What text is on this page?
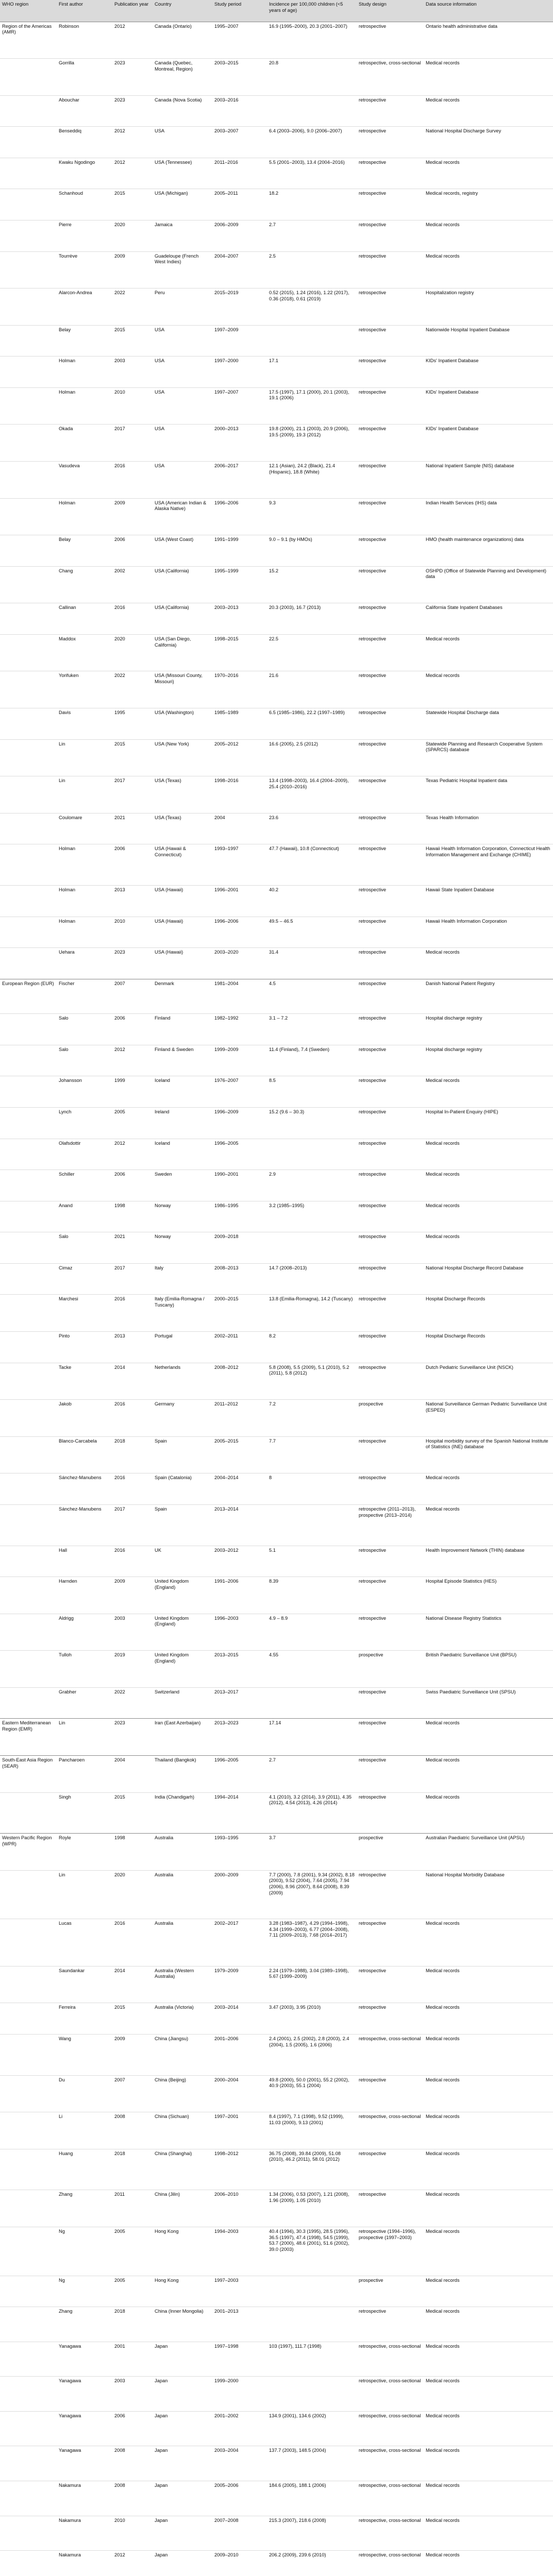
WHO region	First author	Publication year	Country	Study period	Incidence per 100,000 children (<5 years of age)	Study design	Data source information
Region of the Americas (AMR)	Robinson	2012	Canada (Ontario)	1995–2007	16.9 (1995–2000), 20.3 (2001–2007)	retrospective	Ontario health administrative data
	Gorrilla	2023	Canada (Quebec, Montreal, Region)	2003–2015	20.8	retrospective, cross-sectional	Medical records
	Abouchar	2023	Canada (Nova Scotia)	2003–2016		retrospective	Medical records
	Benseddiq	2012	USA	2003–2007	6.4 (2003–2006), 9.0 (2006–2007)	retrospective	National Hospital Discharge Survey
	Kwaku Ngodingo	2012	USA (Tennessee)	2011–2016	5.5 (2001–2003), 13.4 (2004–2016)	retrospective	Medical records
	Schanhoud	2015	USA (Michigan)	2005–2011	18.2	retrospective	Medical records, registry
	Pierre	2020	Jamaica	2006–2009	2.7	retrospective	Medical records
	Tourrève	2009	Guadeloupe (French West Indies)	2004–2007	2.5	retrospective	Medical records
	Alarcon-Andrea	2022	Peru	2015–2019	0.52 (2015), 1.24 (2016), 1.22 (2017), 0.36 (2018), 0.61 (2019)	retrospective	Hospitalization registry
	Belay	2015	USA	1997–2009		retrospective	Nationwide Hospital Inpatient Database
	Holman	2003	USA	1997–2000	17.1	retrospective	KIDs' Inpatient Database
	Holman	2010	USA	1997–2007	17.5 (1997), 17.1 (2000), 20.1 (2003), 19.1 (2006)	retrospective	KIDs' Inpatient Database
	Okada	2017	USA	2000–2013	19.8 (2000), 21.1 (2003), 20.9 (2006), 19.5 (2009), 19.3 (2012)	retrospective	KIDs' Inpatient Database
	Vasudeva	2016	USA	2006–2017	12.1 (Asian), 24.2 (Black), 21.4 (Hispanic), 18.8 (White)	retrospective	National Inpatient Sample (NIS) database
	Holman	2009	USA (American Indian & Alaska Native)	1996–2006	9.3	retrospective	Indian Health Services (IHS) data
	Belay	2006	USA (West Coast)	1991–1999	9.0 – 9.1 (by HMOs)	retrospective	HMO (health maintenance organizations) data
	Chang	2002	USA (California)	1995–1999	15.2	retrospective	OSHPD (Office of Statewide Planning and Development) data
	Callinan	2016	USA (California)	2003–2013	20.3 (2003), 16.7 (2013)	retrospective	California State Inpatient Databases
	Maddox	2020	USA (San Diego, California)	1998–2015	22.5	retrospective	Medical records
	Yorifuken	2022	USA (Missouri County, Missouri)	1970–2016	21.6	retrospective	Medical records
	Davis	1995	USA (Washington)	1985–1989	6.5 (1985–1986), 22.2 (1997–1989)	retrospective	Statewide Hospital Discharge data
	Lin	2015	USA (New York)	2005–2012	16.6 (2005), 2.5 (2012)	retrospective	Statewide Planning and Research Cooperative System (SPARCS) database
	Lin	2017	USA (Texas)	1998–2016	13.4 (1998–2003), 16.4 (2004–2009), 25.4 (2010–2016)	retrospective	Texas Pediatric Hospital Inpatient data
	Coulomare	2021	USA (Texas)	2004	23.6	retrospective	Texas Health Information
	Holman	2006	USA (Hawaii & Connecticut)	1993–1997	47.7 (Hawaii), 10.8 (Connecticut)	retrospective	Hawaii Health Information Corporation, Connecticut Health Information Management and Exchange (CHIME)
	Holman	2013	USA (Hawaii)	1996–2001	40.2	retrospective	Hawaii State Inpatient Database
	Holman	2010	USA (Hawaii)	1996–2006	49.5 – 46.5	retrospective	Hawaii Health Information Corporation
	Uehara	2023	USA (Hawaii)	2003–2020	31.4	retrospective	Medical records
European Region (EUR)	Fischer	2007	Denmark	1981–2004	4.5	retrospective	Danish National Patient Registry
	Salo	2006	Finland	1982–1992	3.1 – 7.2	retrospective	Hospital discharge registry
	Salo	2012	Finland & Sweden	1999–2009	11.4 (Finland), 7.4 (Sweden)	retrospective	Hospital discharge registry
	Johansson	1999	Iceland	1976–2007	8.5	retrospective	Medical records
	Lynch	2005	Ireland	1996–2009	15.2 (9.6 – 30.3)	retrospective	Hospital In-Patient Enquiry (HIPE)
	Olafsdottir	2012	Iceland	1996–2005		retrospective	Medical records
	Schiller	2006	Sweden	1990–2001	2.9	retrospective	Medical records
	Anand	1998	Norway	1986–1995	3.2 (1985–1995)	retrospective	Medical records
	Salo	2021	Norway	2009–2018		retrospective	Medical records
	Cimaz	2017	Italy	2008–2013	14.7 (2008–2013)	retrospective	National Hospital Discharge Record Database
	Marchesi	2016	Italy (Emilia-Romagna / Tuscany)	2000–2015	13.8 (Emilia-Romagna), 14.2 (Tuscany)	retrospective	Hospital Discharge Records
	Pinto	2013	Portugal	2002–2011	8.2	retrospective	Hospital Discharge Records
	Tacke	2014	Netherlands	2008–2012	5.8 (2008), 5.5 (2009), 5.1 (2010), 5.2 (2011), 5.8 (2012)	retrospective	Dutch Pediatric Surveillance Unit (NSCK)
	Jakob	2016	Germany	2011–2012	7.2	prospective	National Surveillance German Pediatric Surveillance Unit (ESPED)
	Blanco-Carcabela	2018	Spain	2005–2015	7.7	retrospective	Hospital morbidity survey of the Spanish National Institute of Statistics (INE) database
	Sánchez-Manubens	2016	Spain (Catalonia)	2004–2014	8	retrospective	Medical records
	Sánchez-Manubens	2017	Spain	2013–2014		retrospective (2011–2013), prospective (2013–2014)	Medical records
	Hall	2016	UK	2003–2012	5.1	retrospective	Health Improvement Network (THIN) database
	Harnden	2009	United Kingdom (England)	1991–2006	8.39	retrospective	Hospital Episode Statistics (HES)
	Aldrigg	2003	United Kingdom (England)	1996–2003	4.9 – 8.9	retrospective	National Disease Registry Statistics
	Tulloh	2019	United Kingdom (England)	2013–2015	4.55	prospective	British Paediatric Surveillance Unit (BPSU)
	Grabher	2022	Switzerland	2013–2017		retrospective	Swiss Paediatric Surveillance Unit (SPSU)
Eastern Mediterranean Region (EMR)	Lin	2023	Iran (East Azerbaijan)	2013–2023	17.14	retrospective	Medical records
South-East Asia Region (SEAR)	Pancharoen	2004	Thailand (Bangkok)	1996–2005	2.7	retrospective	Medical records
	Singh	2015	India (Chandigarh)	1994–2014	4.1 (2010), 3.2 (2014), 3.9 (2011), 4.35 (2012), 4.54 (2013), 4.26 (2014)	retrospective	Medical records
Western Pacific Region (WPR)	Royle	1998	Australia	1993–1995	3.7	prospective	Australian Paediatric Surveillance Unit (APSU)
	Lin	2020	Australia	2000–2009	7.7 (2000), 7.8 (2001), 9.34 (2002), 8.18 (2003), 9.52 (2004), 7.64 (2005), 7.94 (2006), 8.96 (2007), 8.64 (2008), 8.39 (2009)	retrospective	National Hospital Morbidity Database
	Lucas	2016	Australia	2002–2017	3.28 (1983–1987), 4.29 (1994–1998), 4.34 (1999–2003), 6.77 (2004–2008), 7.11 (2009–2013), 7.68 (2014–2017)	retrospective	Medical records
	Saundankar	2014	Australia (Western Australia)	1979–2009	2.24 (1979–1988), 3.04 (1989–1998), 5.67 (1999–2009)	retrospective	Medical records
	Ferreira	2015	Australia (Victoria)	2003–2014	3.47 (2003), 3.95 (2010)	retrospective	Medical records
	Wang	2009	China (Jiangsu)	2001–2006	2.4 (2001), 2.5 (2002), 2.8 (2003), 2.4 (2004), 1.5 (2005), 1.6 (2006)	retrospective, cross-sectional	Medical records
	Du	2007	China (Beijing)	2000–2004	49.8 (2000), 50.0 (2001), 55.2 (2002), 40.9 (2003), 55.1 (2004)	retrospective	Medical records
	Li	2008	China (Sichuan)	1997–2001	8.4 (1997), 7.1 (1998), 9.52 (1999), 11.03 (2000), 9.13 (2001)	retrospective, cross-sectional	Medical records
	Huang	2018	China (Shanghai)	1998–2012	36.75 (2008), 39.84 (2009), 51.08 (2010), 46.2 (2011), 58.01 (2012)	retrospective	Medical records
	Zhang	2011	China (Jilin)	2006–2010	1.34 (2006), 0.53 (2007), 1.21 (2008), 1.96 (2009), 1.05 (2010)	retrospective	Medical records
	Ng	2005	Hong Kong	1994–2003	40.4 (1994), 30.3 (1995), 28.5 (1996), 36.5 (1997), 47.4 (1998), 54.5 (1999), 53.7 (2000), 48.6 (2001), 51.6 (2002), 39.0 (2003)	retrospective (1994–1996), prospective (1997–2003)	Medical records
	Ng	2005	Hong Kong	1997–2003		prospective	Medical records
	Zhang	2018	China (Inner Mongolia)	2001–2013		retrospective	Medical records
	Yanagawa	2001	Japan	1997–1998	103 (1997), 111.7 (1998)	retrospective, cross-sectional	Medical records
	Yanagawa	2003	Japan	1999–2000		retrospective, cross-sectional	Medical records
	Yanagawa	2006	Japan	2001–2002	134.9 (2001), 134.6 (2002)	retrospective, cross-sectional	Medical records
	Yanagawa	2008	Japan	2003–2004	137.7 (2003), 148.5 (2004)	retrospective, cross-sectional	Medical records
	Nakamura	2008	Japan	2005–2006	184.6 (2005), 188.1 (2006)	retrospective, cross-sectional	Medical records
	Nakamura	2010	Japan	2007–2008	215.3 (2007), 218.6 (2008)	retrospective, cross-sectional	Medical records
	Nakamura	2012	Japan	2009–2010	206.2 (2009), 239.6 (2010)	retrospective, cross-sectional	Medical records
